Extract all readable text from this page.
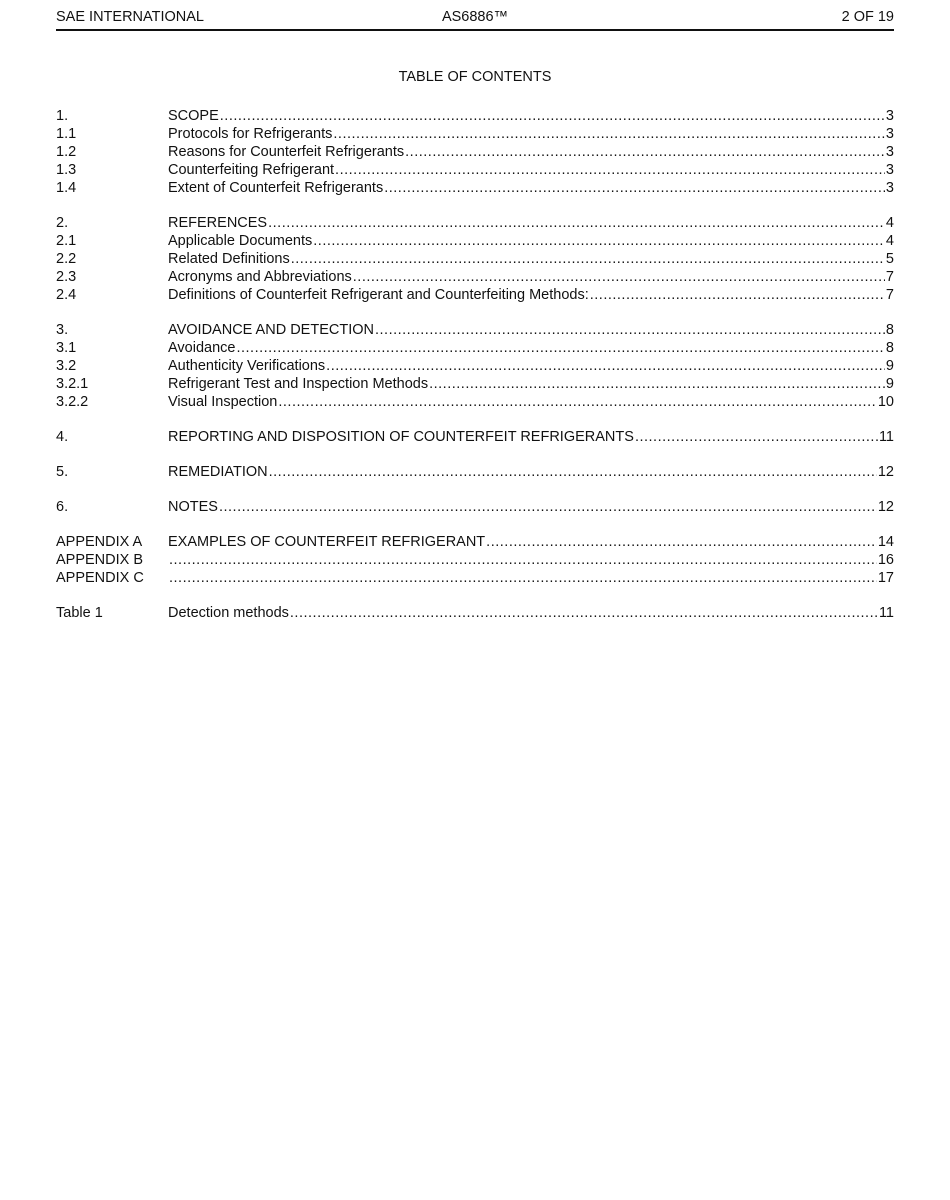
SAE INTERNATIONAL	AS6886™	2 OF 19
TABLE OF CONTENTS
1.	SCOPE .....	3
1.1	Protocols for Refrigerants .....	3
1.2	Reasons for Counterfeit Refrigerants .....	3
1.3	Counterfeiting Refrigerant .....	3
1.4	Extent of Counterfeit Refrigerants .....	3
2.	REFERENCES .....	4
2.1	Applicable Documents .....	4
2.2	Related Definitions .....	5
2.3	Acronyms and Abbreviations .....	7
2.4	Definitions of Counterfeit Refrigerant and Counterfeiting Methods: .....	7
3.	AVOIDANCE AND DETECTION .....	8
3.1	Avoidance .....	8
3.2	Authenticity Verifications .....	9
3.2.1	Refrigerant Test and Inspection Methods .....	9
3.2.2	Visual Inspection .....	10
4.	REPORTING AND DISPOSITION OF COUNTERFEIT REFRIGERANTS .....	11
5.	REMEDIATION .....	12
6.	NOTES .....	12
APPENDIX A	EXAMPLES OF COUNTERFEIT REFRIGERANT .....	14
APPENDIX B .....	16
APPENDIX C .....	17
Table 1	Detection methods .....	11
